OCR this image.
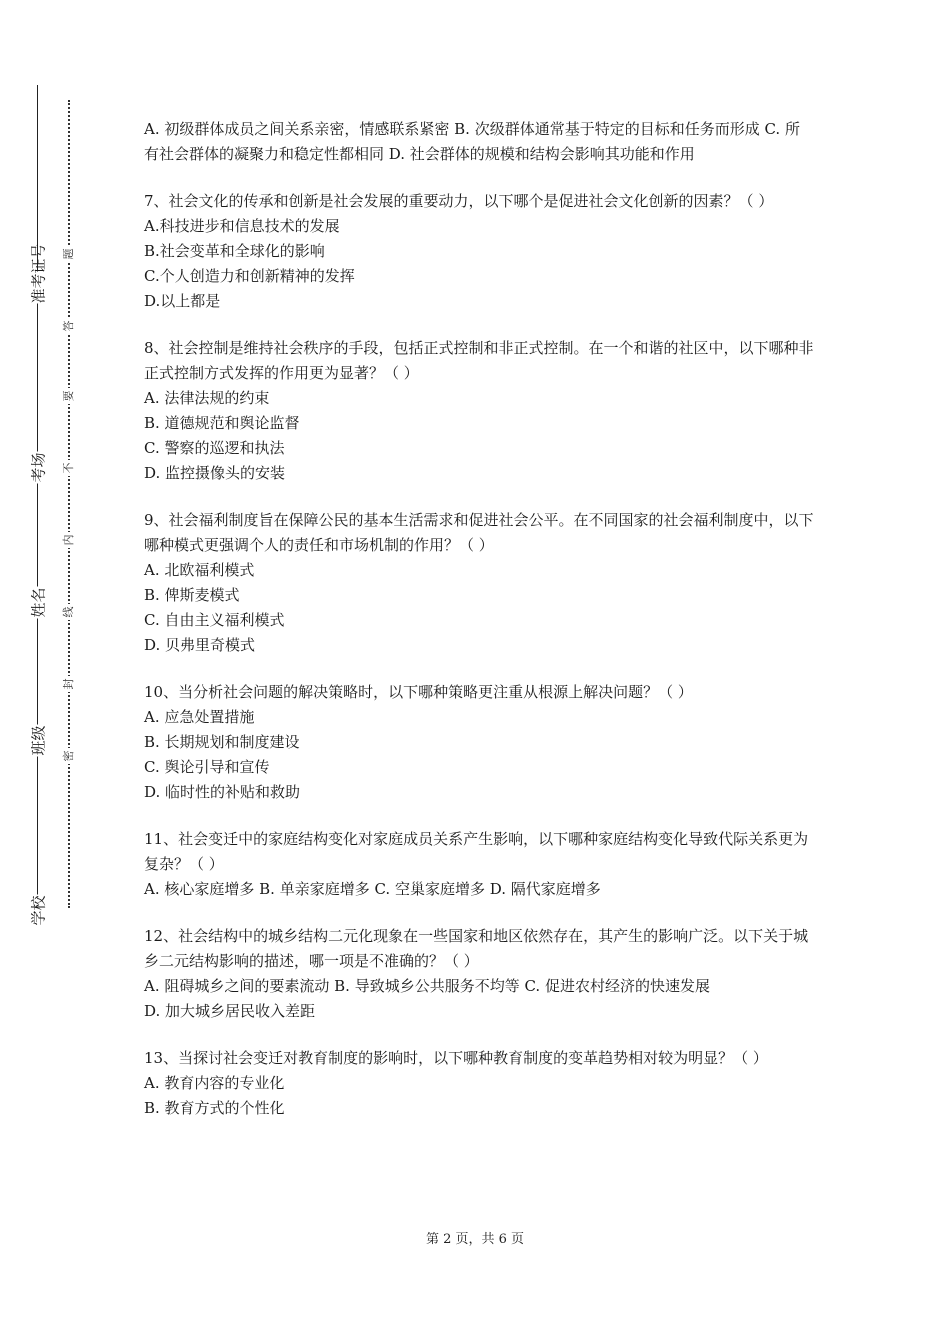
准考证号
考场
姓名
班级
学校
题
答
要
不
内
线
封
密

A. 初级群体成员之间关系亲密，情感联系紧密 B. 次级群体通常基于特定的目标和任务而形成 C. 所有社会群体的凝聚力和稳定性都相同 D. 社会群体的规模和结构会影响其功能和作用

7、社会文化的传承和创新是社会发展的重要动力，以下哪个是促进社会文化创新的因素？（ ）

A.科技进步和信息技术的发展

B.社会变革和全球化的影响

C.个人创造力和创新精神的发挥

D.以上都是

8、社会控制是维持社会秩序的手段，包括正式控制和非正式控制。在一个和谐的社区中，以下哪种非正式控制方式发挥的作用更为显著？（ ）

A. 法律法规的约束

B. 道德规范和舆论监督

C. 警察的巡逻和执法

D. 监控摄像头的安装

9、社会福利制度旨在保障公民的基本生活需求和促进社会公平。在不同国家的社会福利制度中，以下哪种模式更强调个人的责任和市场机制的作用？（ ）

A. 北欧福利模式

B. 俾斯麦模式

C. 自由主义福利模式

D. 贝弗里奇模式

10、当分析社会问题的解决策略时，以下哪种策略更注重从根源上解决问题？（ ）

A. 应急处置措施

B. 长期规划和制度建设

C. 舆论引导和宣传

D. 临时性的补贴和救助

11、社会变迁中的家庭结构变化对家庭成员关系产生影响，以下哪种家庭结构变化导致代际关系更为复杂？（ ）

A. 核心家庭增多 B. 单亲家庭增多 C. 空巢家庭增多 D. 隔代家庭增多

12、社会结构中的城乡结构二元化现象在一些国家和地区依然存在，其产生的影响广泛。以下关于城乡二元结构影响的描述，哪一项是不准确的？（ ）

A. 阻碍城乡之间的要素流动 B. 导致城乡公共服务不均等 C. 促进农村经济的快速发展

D. 加大城乡居民收入差距

13、当探讨社会变迁对教育制度的影响时，以下哪种教育制度的变革趋势相对较为明显？（ ）

A. 教育内容的专业化

B. 教育方式的个性化

第 2 页，共 6 页
